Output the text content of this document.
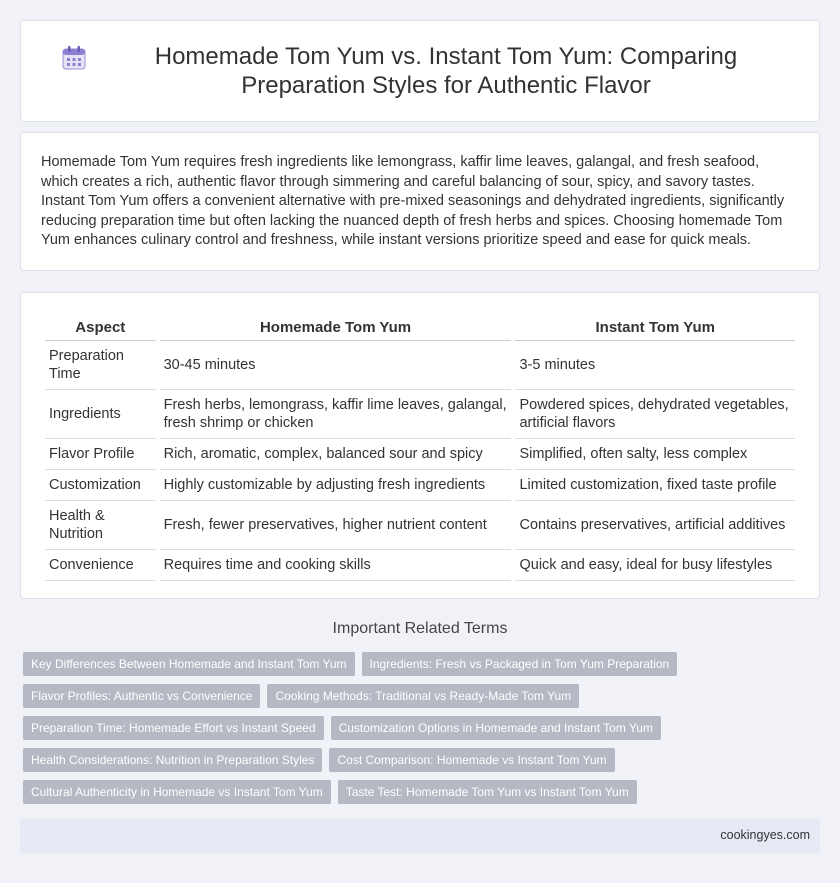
Homemade Tom Yum vs. Instant Tom Yum: Comparing Preparation Styles for Authentic Flavor

Homemade Tom Yum requires fresh ingredients like lemongrass, kaffir lime leaves, galangal, and fresh seafood, which creates a rich, authentic flavor through simmering and careful balancing of sour, spicy, and savory tastes. Instant Tom Yum offers a convenient alternative with pre-mixed seasonings and dehydrated ingredients, significantly reducing preparation time but often lacking the nuanced depth of fresh herbs and spices. Choosing homemade Tom Yum enhances culinary control and freshness, while instant versions prioritize speed and ease for quick meals.

Aspect	Homemade Tom Yum	Instant Tom Yum
Preparation Time	30-45 minutes	3-5 minutes
Ingredients	Fresh herbs, lemongrass, kaffir lime leaves, galangal, fresh shrimp or chicken	Powdered spices, dehydrated vegetables, artificial flavors
Flavor Profile	Rich, aromatic, complex, balanced sour and spicy	Simplified, often salty, less complex
Customization	Highly customizable by adjusting fresh ingredients	Limited customization, fixed taste profile
Health & Nutrition	Fresh, fewer preservatives, higher nutrient content	Contains preservatives, artificial additives
Convenience	Requires time and cooking skills	Quick and easy, ideal for busy lifestyles
Important Related Terms
Key Differences Between Homemade and Instant Tom Yum	Ingredients: Fresh vs Packaged in Tom Yum Preparation
Flavor Profiles: Authentic vs Convenience	Cooking Methods: Traditional vs Ready-Made Tom Yum
Preparation Time: Homemade Effort vs Instant Speed	Customization Options in Homemade and Instant Tom Yum
Health Considerations: Nutrition in Preparation Styles	Cost Comparison: Homemade vs Instant Tom Yum
Cultural Authenticity in Homemade vs Instant Tom Yum	Taste Test: Homemade Tom Yum vs Instant Tom Yum
cookingyes.com
